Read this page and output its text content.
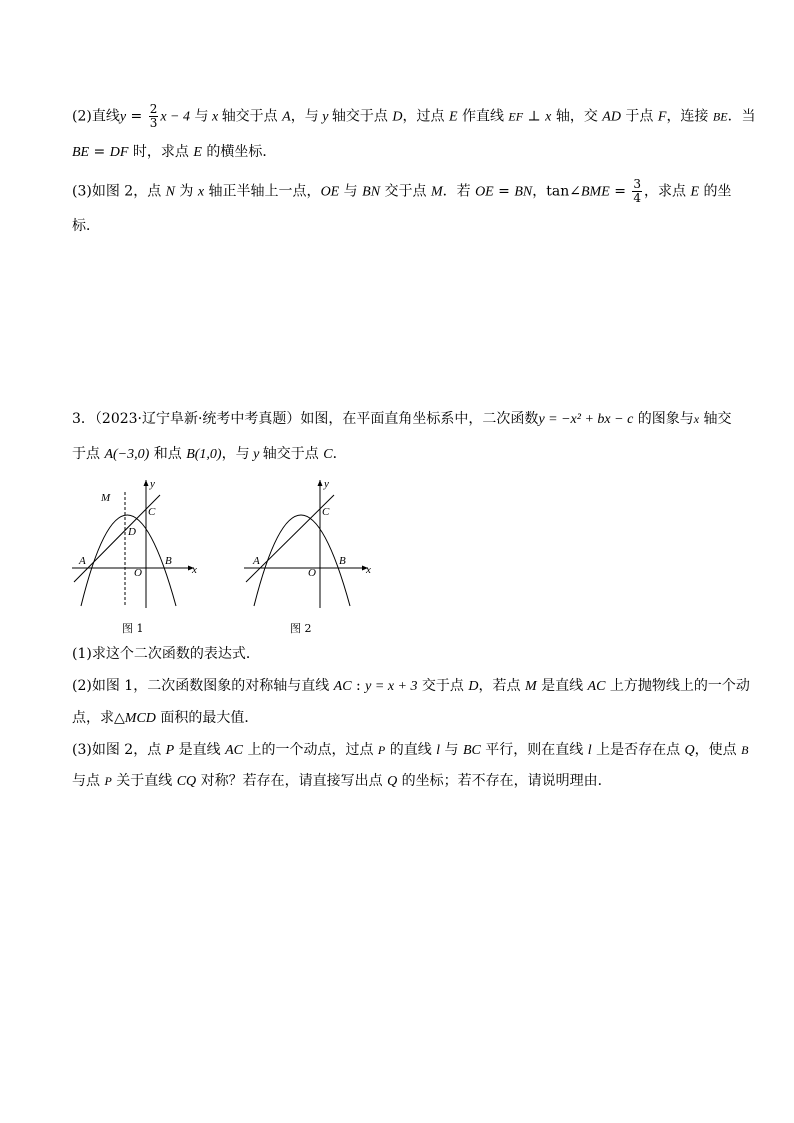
(2)直线$y = \frac{2}{3}$ x − 4 与 x 轴交于点 A，与 y 轴交于点 D，过点 E 作直线 EF ⊥ x 轴，交 AD 于点 F，连接 BE．当
BE = DF 时，求点 E 的横坐标．
(3)如图 2，点 N 为 x 轴正半轴上一点，OE 与 BN 交于点 M．若 OE = BN，tan∠BME = $\frac{3}{4}$ ，求点 E 的坐
标．
3．（2023·辽宁阜新·统考中考真题）如图，在平面直角坐标系中，二次函数y = −x² + bx − c 的图象与x 轴交
于点 A(−3,0) 和点 B(1,0)，与 y 轴交于点 C．
M
D
C
A
O
B
x
y
图 1
C
A
O
B
x
y
图 2
(1)求这个二次函数的表达式．
(2)如图 1，二次函数图象的对称轴与直线 AC : y = x + 3 交于点 D，若点 M 是直线 AC 上方抛物线上的一个动
点，求△MCD 面积的最大值．
(3)如图 2，点 P 是直线 AC 上的一个动点，过点 P 的直线 l 与 BC 平行，则在直线 l 上是否存在点 Q，使点 B
与点 P 关于直线 CQ 对称？若存在，请直接写出点 Q 的坐标；若不存在，请说明理由．
